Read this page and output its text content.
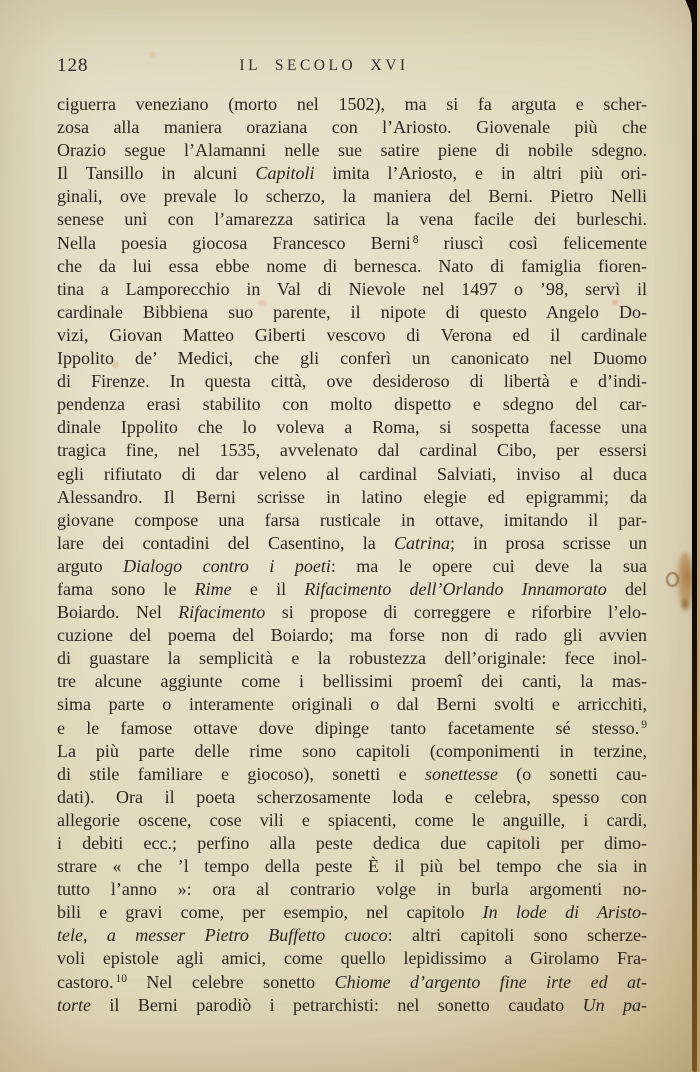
128	IL SECOLO XVI
ciguerra veneziano (morto nel 1502), ma si fa arguta e scher-
zosa alla maniera oraziana con l’Ariosto. Giovenale più che
Orazio segue l’Alamanni nelle sue satire piene di nobile sdegno.
Il Tansillo in alcuni Capitoli imita l’Ariosto, e in altri più ori-
ginali, ove prevale lo scherzo, la maniera del Berni. Pietro Nelli
senese unì con l’amarezza satirica la vena facile dei burleschi.
Nella poesia giocosa Francesco Berni $^8$ riuscì così felicemente
che da lui essa ebbe nome di bernesca. Nato di famiglia fioren-
tina a Lamporecchio in Val di Nievole nel 1497 o ’98, servì il
cardinale Bibbiena suo parente, il nipote di questo Angelo Do-
vizi, Giovan Matteo Giberti vescovo di Verona ed il cardinale
Ippolito de’ Medici, che gli conferì un canonicato nel Duomo
di Firenze. In questa città, ove desideroso di libertà e d’indi-
pendenza erasi stabilito con molto dispetto e sdegno del car-
dinale Ippolito che lo voleva a Roma, si sospetta facesse una
tragica fine, nel 1535, avvelenato dal cardinal Cibo, per essersi
egli rifiutato di dar veleno al cardinal Salviati, inviso al duca
Alessandro. Il Berni scrisse in latino elegie ed epigrammi; da
giovane compose una farsa rusticale in ottave, imitando il par-
lare dei contadini del Casentino, la Catrina; in prosa scrisse un
arguto Dialogo contro i poeti: ma le opere cui deve la sua
fama sono le Rime e il Rifacimento dell’Orlando Innamorato del
Boiardo. Nel Rifacimento si propose di correggere e riforbire l’elo-
cuzione del poema del Boiardo; ma forse non di rado gli avvien
di guastare la semplicità e la robustezza dell’originale: fece inol-
tre alcune aggiunte come i bellissimi proemî dei canti, la mas-
sima parte o interamente originali o dal Berni svolti e arricchiti,
e le famose ottave dove dipinge tanto facetamente sé stesso. $^9$
La più parte delle rime sono capitoli (componimenti in terzine,
di stile familiare e giocoso), sonetti e sonettesse (o sonetti cau-
dati). Ora il poeta scherzosamente loda e celebra, spesso con
allegorie oscene, cose vili e spiacenti, come le anguille, i cardi,
i debiti ecc.; perfino alla peste dedica due capitoli per dimo-
strare « che ’l tempo della peste È il più bel tempo che sia in
tutto l’anno »: ora al contrario volge in burla argomenti no-
bili e gravi come, per esempio, nel capitolo In lode di Aristo-
tele, a messer Pietro Buffetto cuoco: altri capitoli sono scherze-
voli epistole agli amici, come quello lepidissimo a Girolamo Fra-
castoro. $^{10}$ Nel celebre sonetto Chiome d’argento fine irte ed at-
torte il Berni parodiò i petrarchisti: nel sonetto caudato Un pa-
